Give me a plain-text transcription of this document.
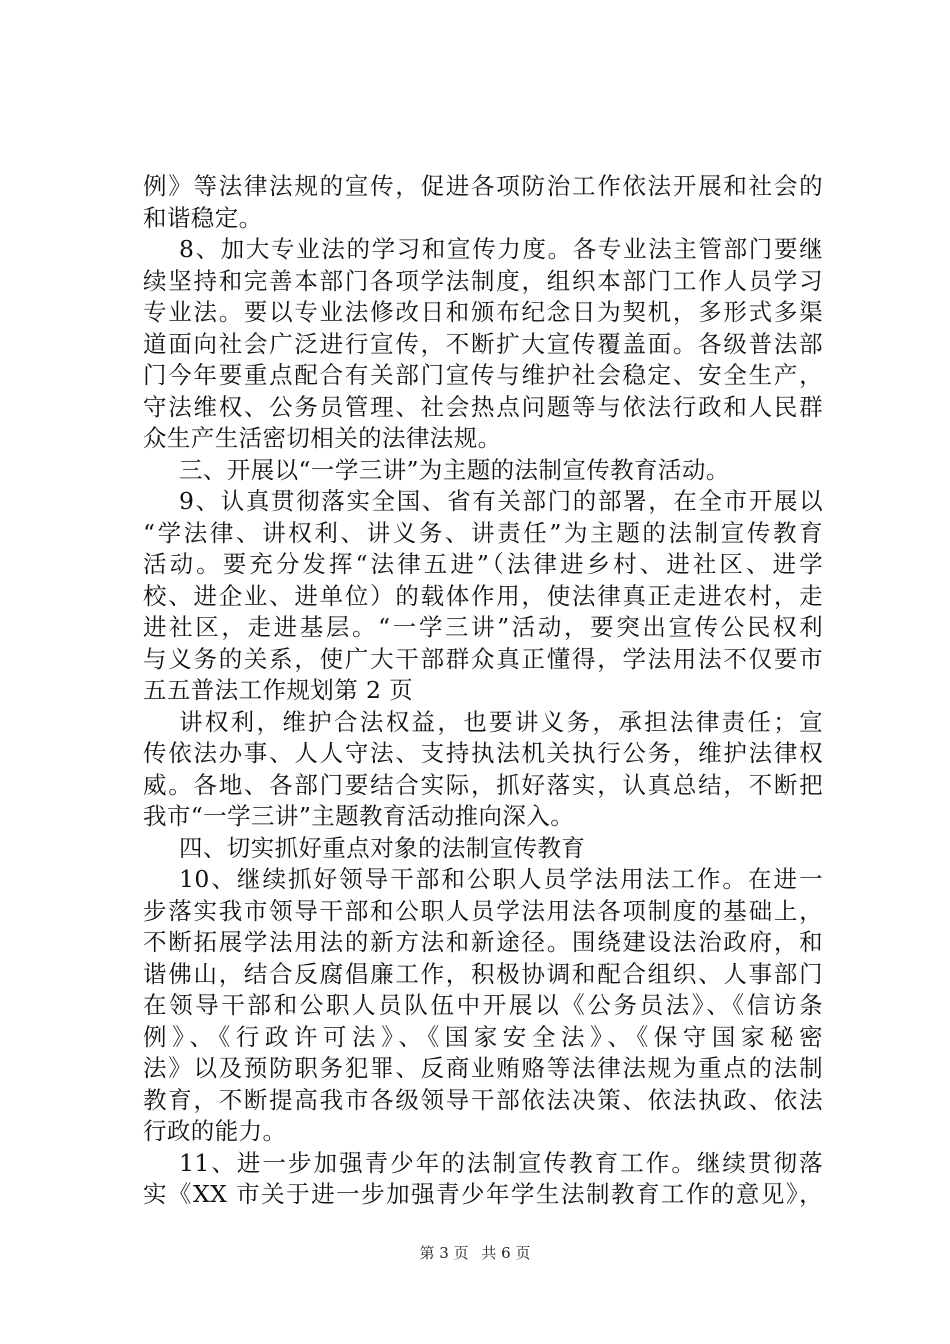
例》等法律法规的宣传，促进各项防治工作依法开展和社会的
和谐稳定。
8、加大专业法的学习和宣传力度。各专业法主管部门要继
续坚持和完善本部门各项学法制度，组织本部门工作人员学习
专业法。要以专业法修改日和颁布纪念日为契机，多形式多渠
道面向社会广泛进行宣传，不断扩大宣传覆盖面。各级普法部
门今年要重点配合有关部门宣传与维护社会稳定、安全生产，
守法维权、公务员管理、社会热点问题等与依法行政和人民群
众生产生活密切相关的法律法规。
三、开展以“一学三讲”为主题的法制宣传教育活动。
9、认真贯彻落实全国、省有关部门的部署，在全市开展以
“学法律、讲权利、讲义务、讲责任”为主题的法制宣传教育
活动。要充分发挥“法律五进”（法律进乡村、进社区、进学
校、进企业、进单位）的载体作用，使法律真正走进农村，走
进社区，走进基层。“一学三讲”活动，要突出宣传公民权利
与义务的关系，使广大干部群众真正懂得，学法用法不仅要市
五五普法工作规划第 2 页
讲权利，维护合法权益，也要讲义务，承担法律责任；宣
传依法办事、人人守法、支持执法机关执行公务，维护法律权
威。各地、各部门要结合实际，抓好落实，认真总结，不断把
我市“一学三讲”主题教育活动推向深入。
四、切实抓好重点对象的法制宣传教育
10、继续抓好领导干部和公职人员学法用法工作。在进一
步落实我市领导干部和公职人员学法用法各项制度的基础上，
不断拓展学法用法的新方法和新途径。围绕建设法治政府，和
谐佛山，结合反腐倡廉工作，积极协调和配合组织、人事部门
在领导干部和公职人员队伍中开展以《公务员法》、《信访条
例》、《行政许可法》、《国家安全法》、《保守国家秘密
法》以及预防职务犯罪、反商业贿赂等法律法规为重点的法制
教育，不断提高我市各级领导干部依法决策、依法执政、依法
行政的能力。
11、进一步加强青少年的法制宣传教育工作。继续贯彻落
实《XX 市关于进一步加强青少年学生法制教育工作的意见》，
第 3 页 共 6 页
